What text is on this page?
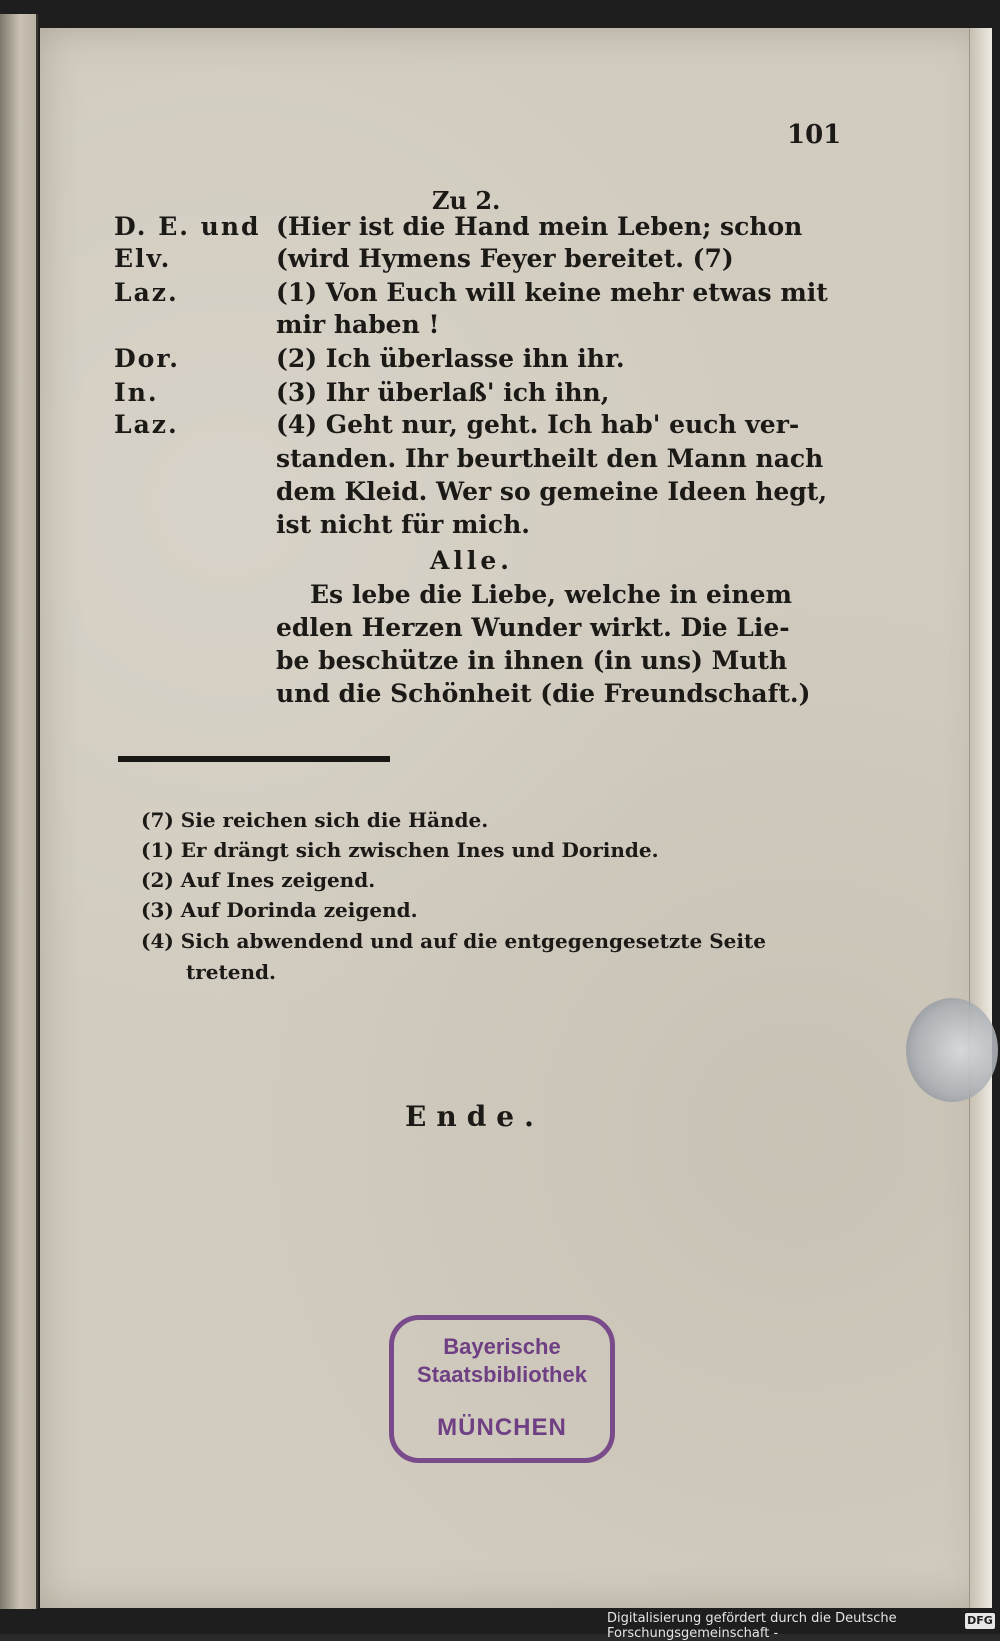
101
Zu 2.
D. E. und
Elv.
Laz.
Dor.
In.
Laz.
(Hier ist die Hand mein Leben; schon
(wird Hymens Feyer bereitet. (7)
(1) Von Euch will keine mehr etwas mit
mir haben !
(2) Ich überlasse ihn ihr.
(3) Ihr überlaß' ich ihn,
(4) Geht nur, geht. Ich hab' euch ver-
standen. Ihr beurtheilt den Mann nach
dem Kleid. Wer so gemeine Ideen hegt,
ist nicht für mich.
Alle.
Es lebe die Liebe, welche in einem
edlen Herzen Wunder wirkt. Die Lie-
be beschütze in ihnen (in uns) Muth
und die Schönheit (die Freundschaft.)
(7) Sie reichen sich die Hände.
(1) Er drängt sich zwischen Ines und Dorinde.
(2) Auf Ines zeigend.
(3) Auf Dorinda zeigend.
(4) Sich abwendend und auf die entgegengesetzte Seite
tretend.
Ende.
Bayerische
Staatsbibliothek
MÜNCHEN
Digitalisierung gefördert durch die Deutsche Forschungsgemeinschaft -
DFG
